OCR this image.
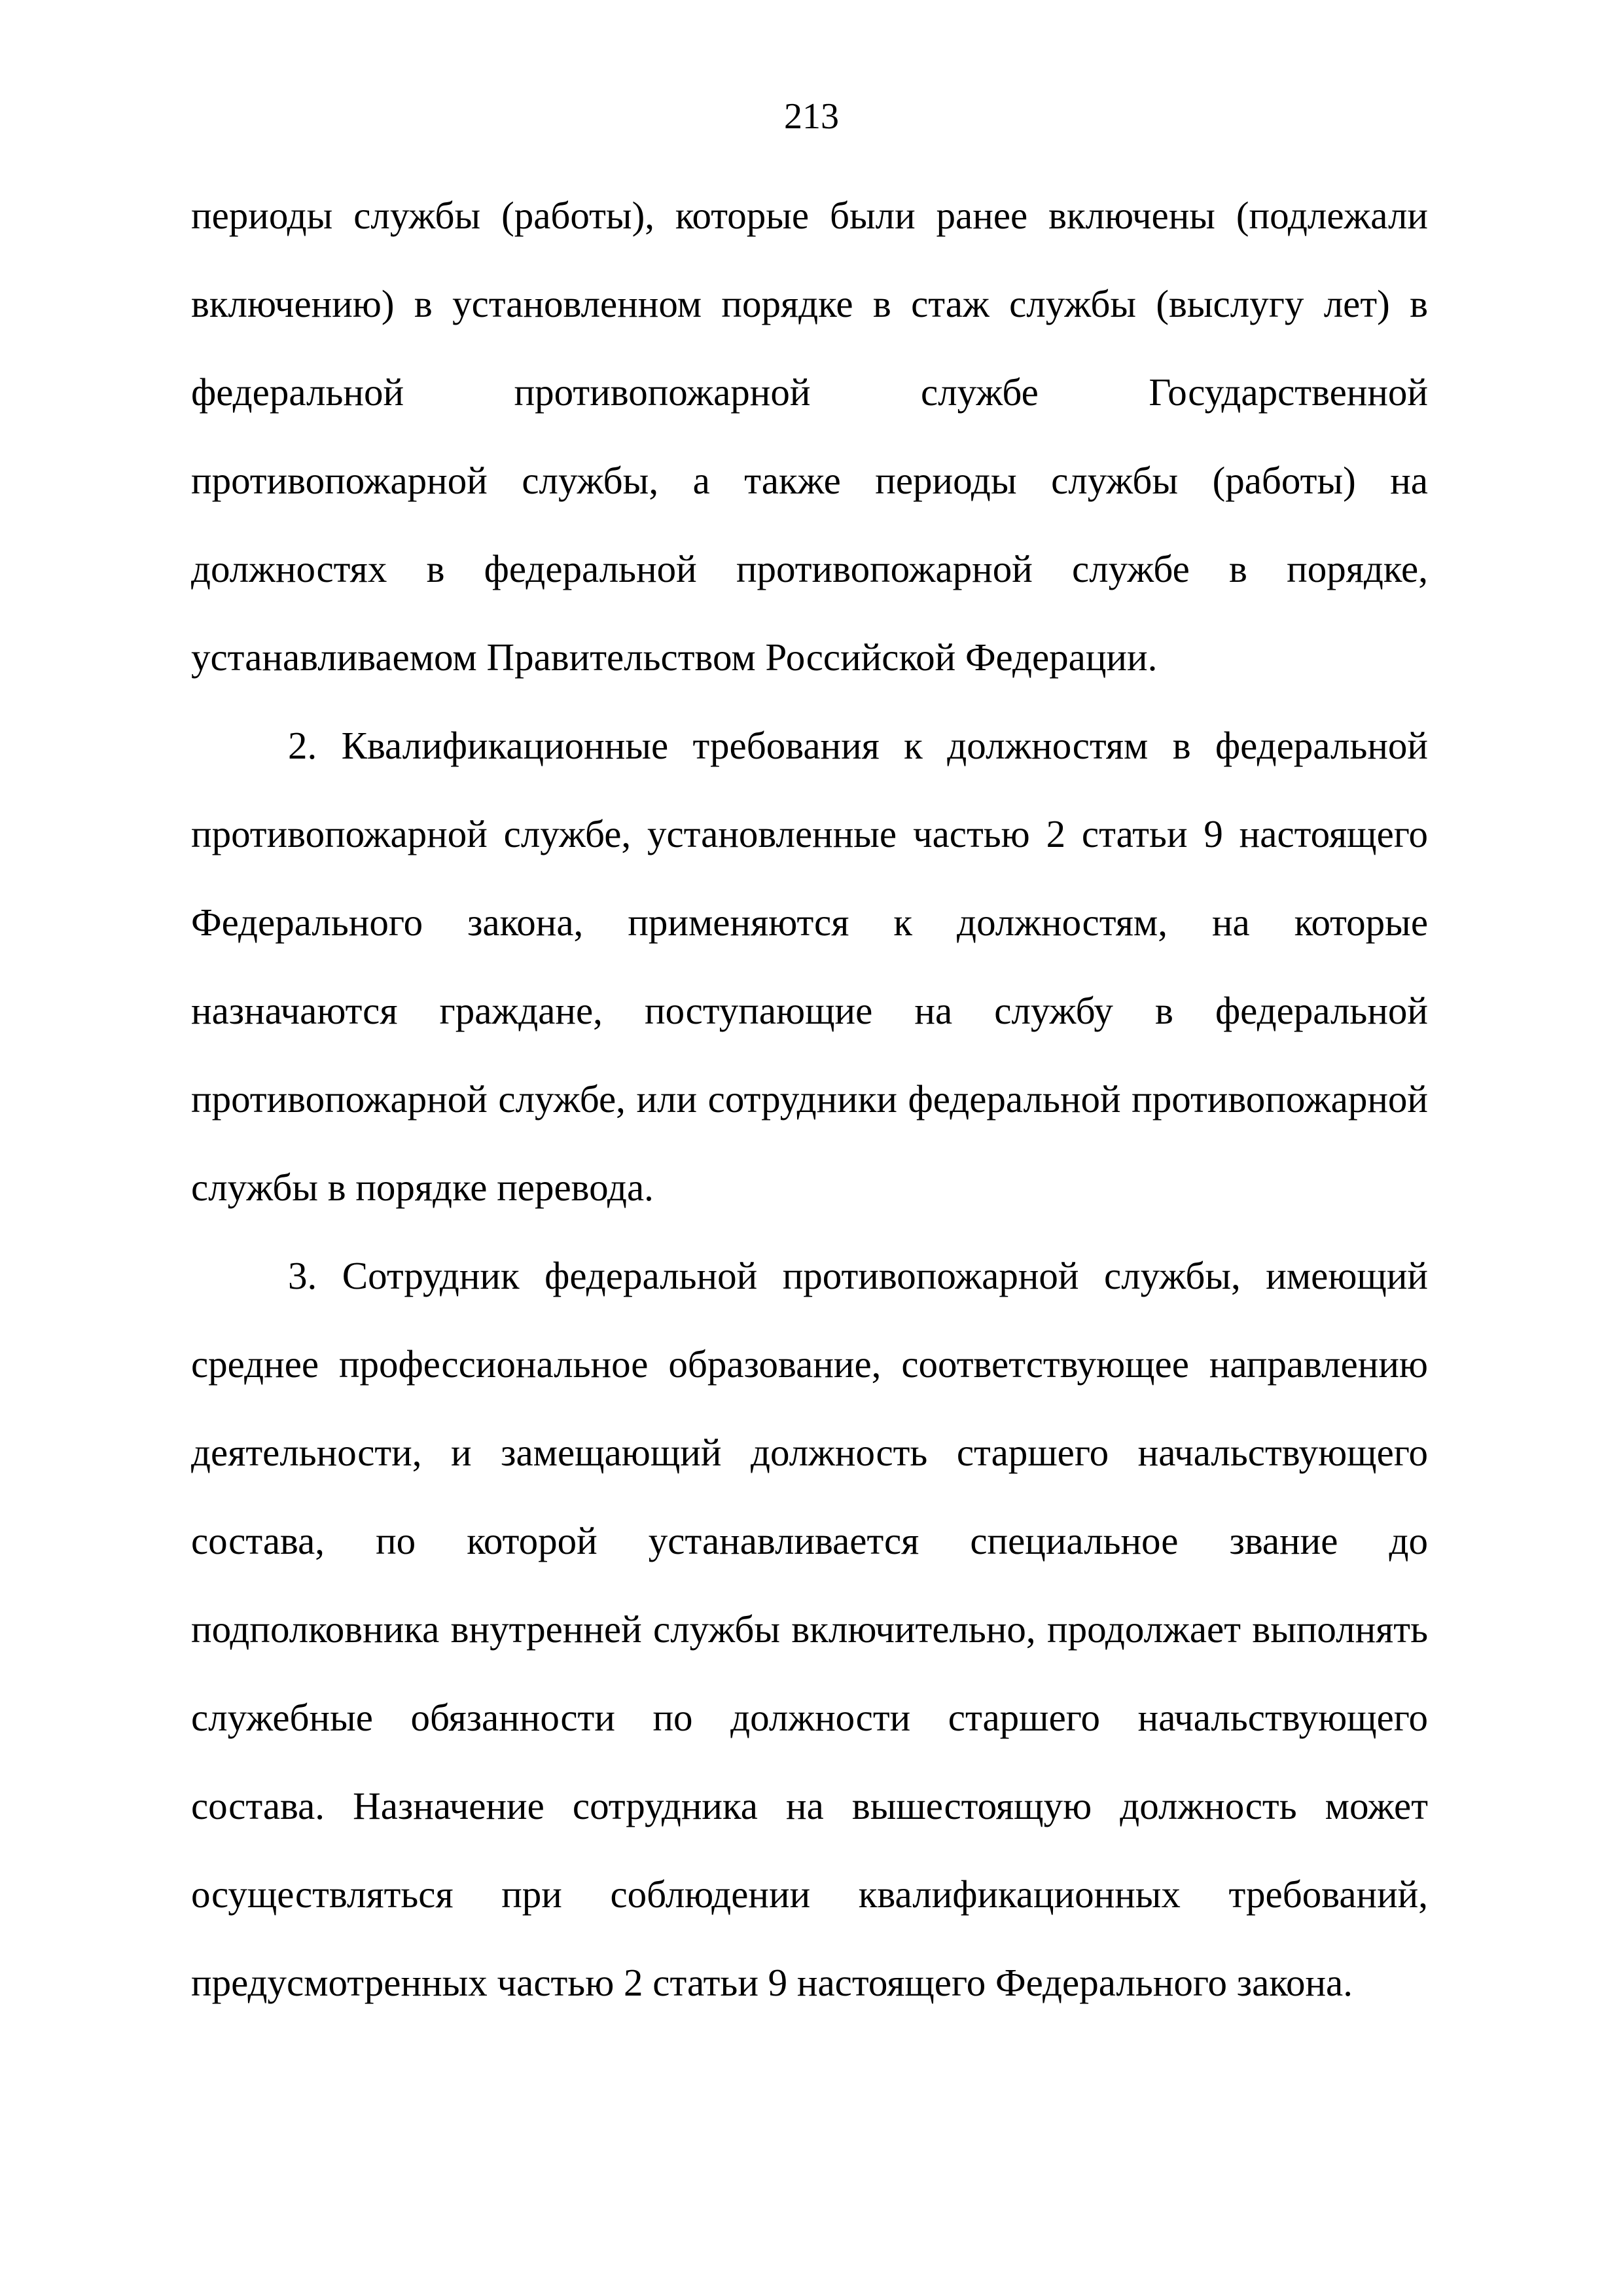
213

периоды службы (работы), которые были ранее включены (подлежали включению) в установленном порядке в стаж службы (выслугу лет) в федеральной противопожарной службе Государственной противопожарной службы, а также периоды службы (работы) на должностях в федеральной противопожарной службе в порядке, устанавливаемом Правительством Российской Федерации.

2. Квалификационные требования к должностям в федеральной противопожарной службе, установленные частью 2 статьи 9 настоящего Федерального закона, применяются к должностям, на которые назначаются граждане, поступающие на службу в федеральной противопожарной службе, или сотрудники федеральной противопожарной службы в порядке перевода.

3. Сотрудник федеральной противопожарной службы, имеющий среднее профессиональное образование, соответствующее направлению деятельности, и замещающий должность старшего начальствующего состава, по которой устанавливается специальное звание до подполковника внутренней службы включительно, продолжает выполнять служебные обязанности по должности старшего начальствующего состава. Назначение сотрудника на вышестоящую должность может осуществляться при соблюдении квалификационных требований, предусмотренных частью 2 статьи 9 настоящего Федерального закона.
